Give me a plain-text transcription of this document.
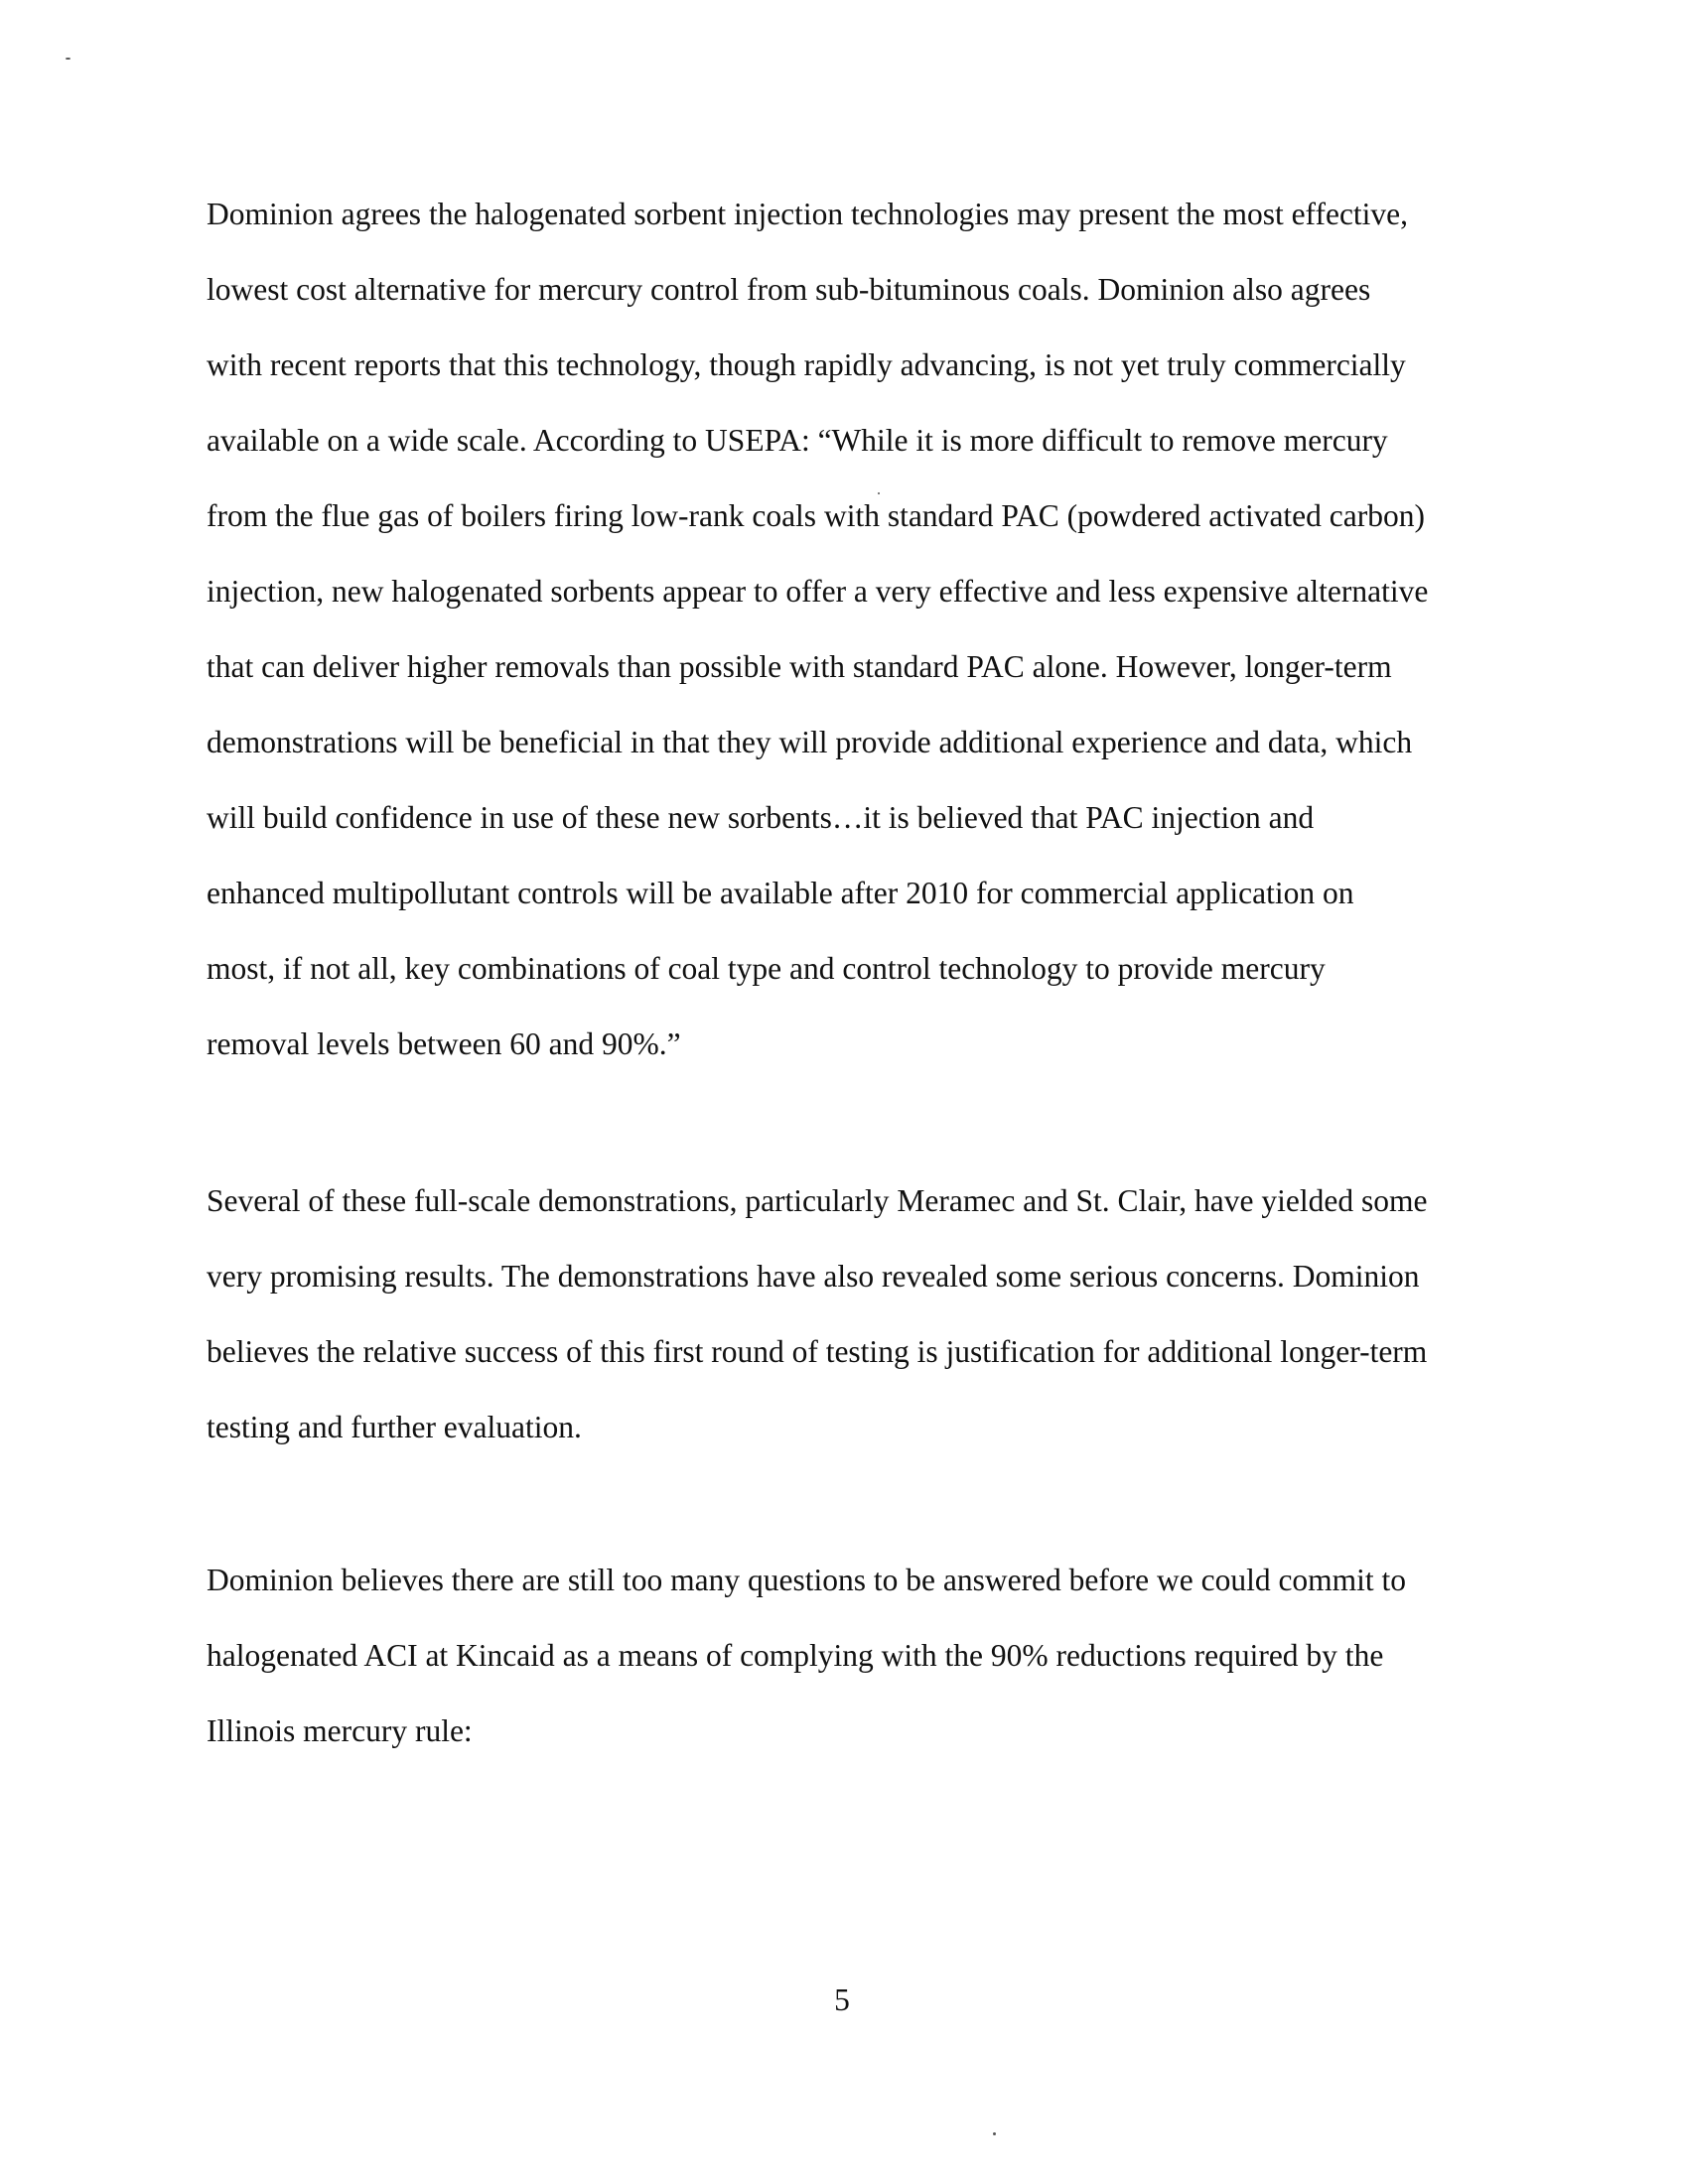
Dominion agrees the halogenated sorbent injection technologies may present the most effective,
lowest cost alternative for mercury control from sub-bituminous coals. Dominion also agrees
with recent reports that this technology, though rapidly advancing, is not yet truly commercially
available on a wide scale. According to USEPA: “While it is more difficult to remove mercury
from the flue gas of boilers firing low-rank coals with standard PAC (powdered activated carbon)
injection, new halogenated sorbents appear to offer a very effective and less expensive alternative
that can deliver higher removals than possible with standard PAC alone. However, longer-term
demonstrations will be beneficial in that they will provide additional experience and data, which
will build confidence in use of these new sorbents…it is believed that PAC injection and
enhanced multipollutant controls will be available after 2010 for commercial application on
most, if not all, key combinations of coal type and control technology to provide mercury
removal levels between 60 and 90%.”
Several of these full-scale demonstrations, particularly Meramec and St. Clair, have yielded some
very promising results. The demonstrations have also revealed some serious concerns. Dominion
believes the relative success of this first round of testing is justification for additional longer-term
testing and further evaluation.
Dominion believes there are still too many questions to be answered before we could commit to
halogenated ACI at Kincaid as a means of complying with the 90% reductions required by the
Illinois mercury rule:
5
